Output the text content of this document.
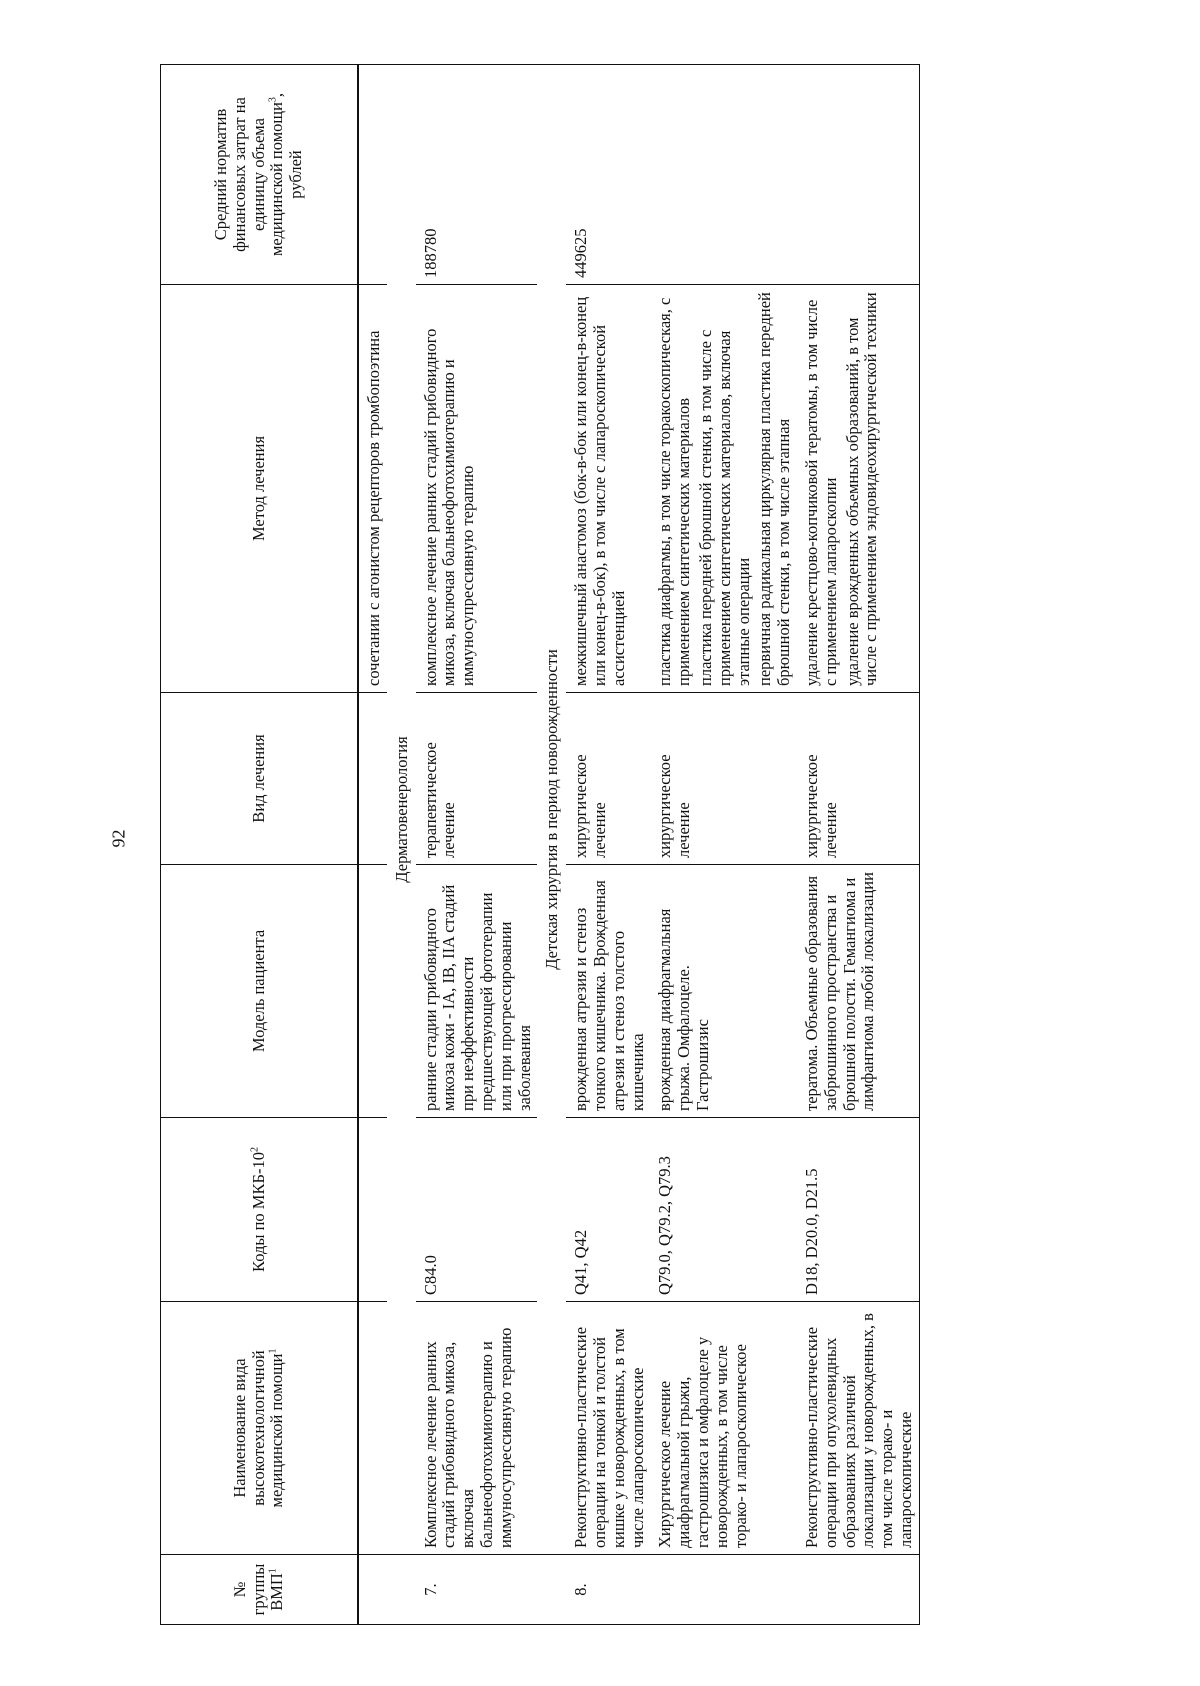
92
№ группы ВМП$^1$	Наименование вида высокотехнологичной медицинской помощи$^1$	Коды по МКБ-$10^2$	Модель пациента	Вид лечения	Метод лечения	Средний норматив финансовых затрат на единицу объема медицинской помощи$^3$, рублей
					сочетании с агонистом рецепторов тромбопоэтина	
	Дерматовенерология					
7.	Комплексное лечение ранних стадий грибовидного микоза, включая бальнеофотохимиотерапию и иммуносупрессивную терапию	C84.0	ранние стадии грибовидного микоза кожи - IA, IB, IIA стадий при неэффективности предшествующей фототерапии или при прогрессировании заболевания	терапевтическое лечение	комплексное лечение ранних стадий грибовидного микоза, включая бальнеофотохимиотерапию и иммуносупрессивную терапию	188780
	Детская хирургия в период новорожденности					
8.	Реконструктивно-пластические операции на тонкой и толстой кишке у новорожденных, в том числе лапароскопические	Q41, Q42	врожденная атрезия и стеноз тонкого кишечника. Врожденная атрезия и стеноз толстого кишечника	хирургическое лечение	межкишечный анастомоз (бок-в-бок или конец-в-конец или конец-в-бок), в том числе с лапароскопической ассистенцией	449625
	Хирургическое лечение диафрагмальной грыжи, гастрошизиса и омфалоцеле у новорожденных, в том числе торако- и лапароскопическое	Q79.0, Q79.2, Q79.3	врожденная диафрагмальная грыжа. Омфалоцеле. Гастрошизис	хирургическое лечение	пластика диафрагмы, в том числе торакоскопическая, с применением синтетических материалов пластика передней брюшной стенки, в том числе с применением синтетических материалов, включая этапные операции первичная радикальная циркулярная пластика передней брюшной стенки, в том числе этапная	

	Реконструктивно-пластические операции при опухолевидных образованиях различной локализации у новорожденных, в том числе торако- и лапароскопические	D18, D20.0, D21.5	тератома. Объемные образования забрюшинного пространства и брюшной полости. Гемангиома и лимфангиома любой локализации	хирургическое лечение	удаление крестцово-копчиковой тератомы, в том числе с применением лапароскопии удаление врожденных объемных образований, в том числе с применением эндовидеохирургической техники	
